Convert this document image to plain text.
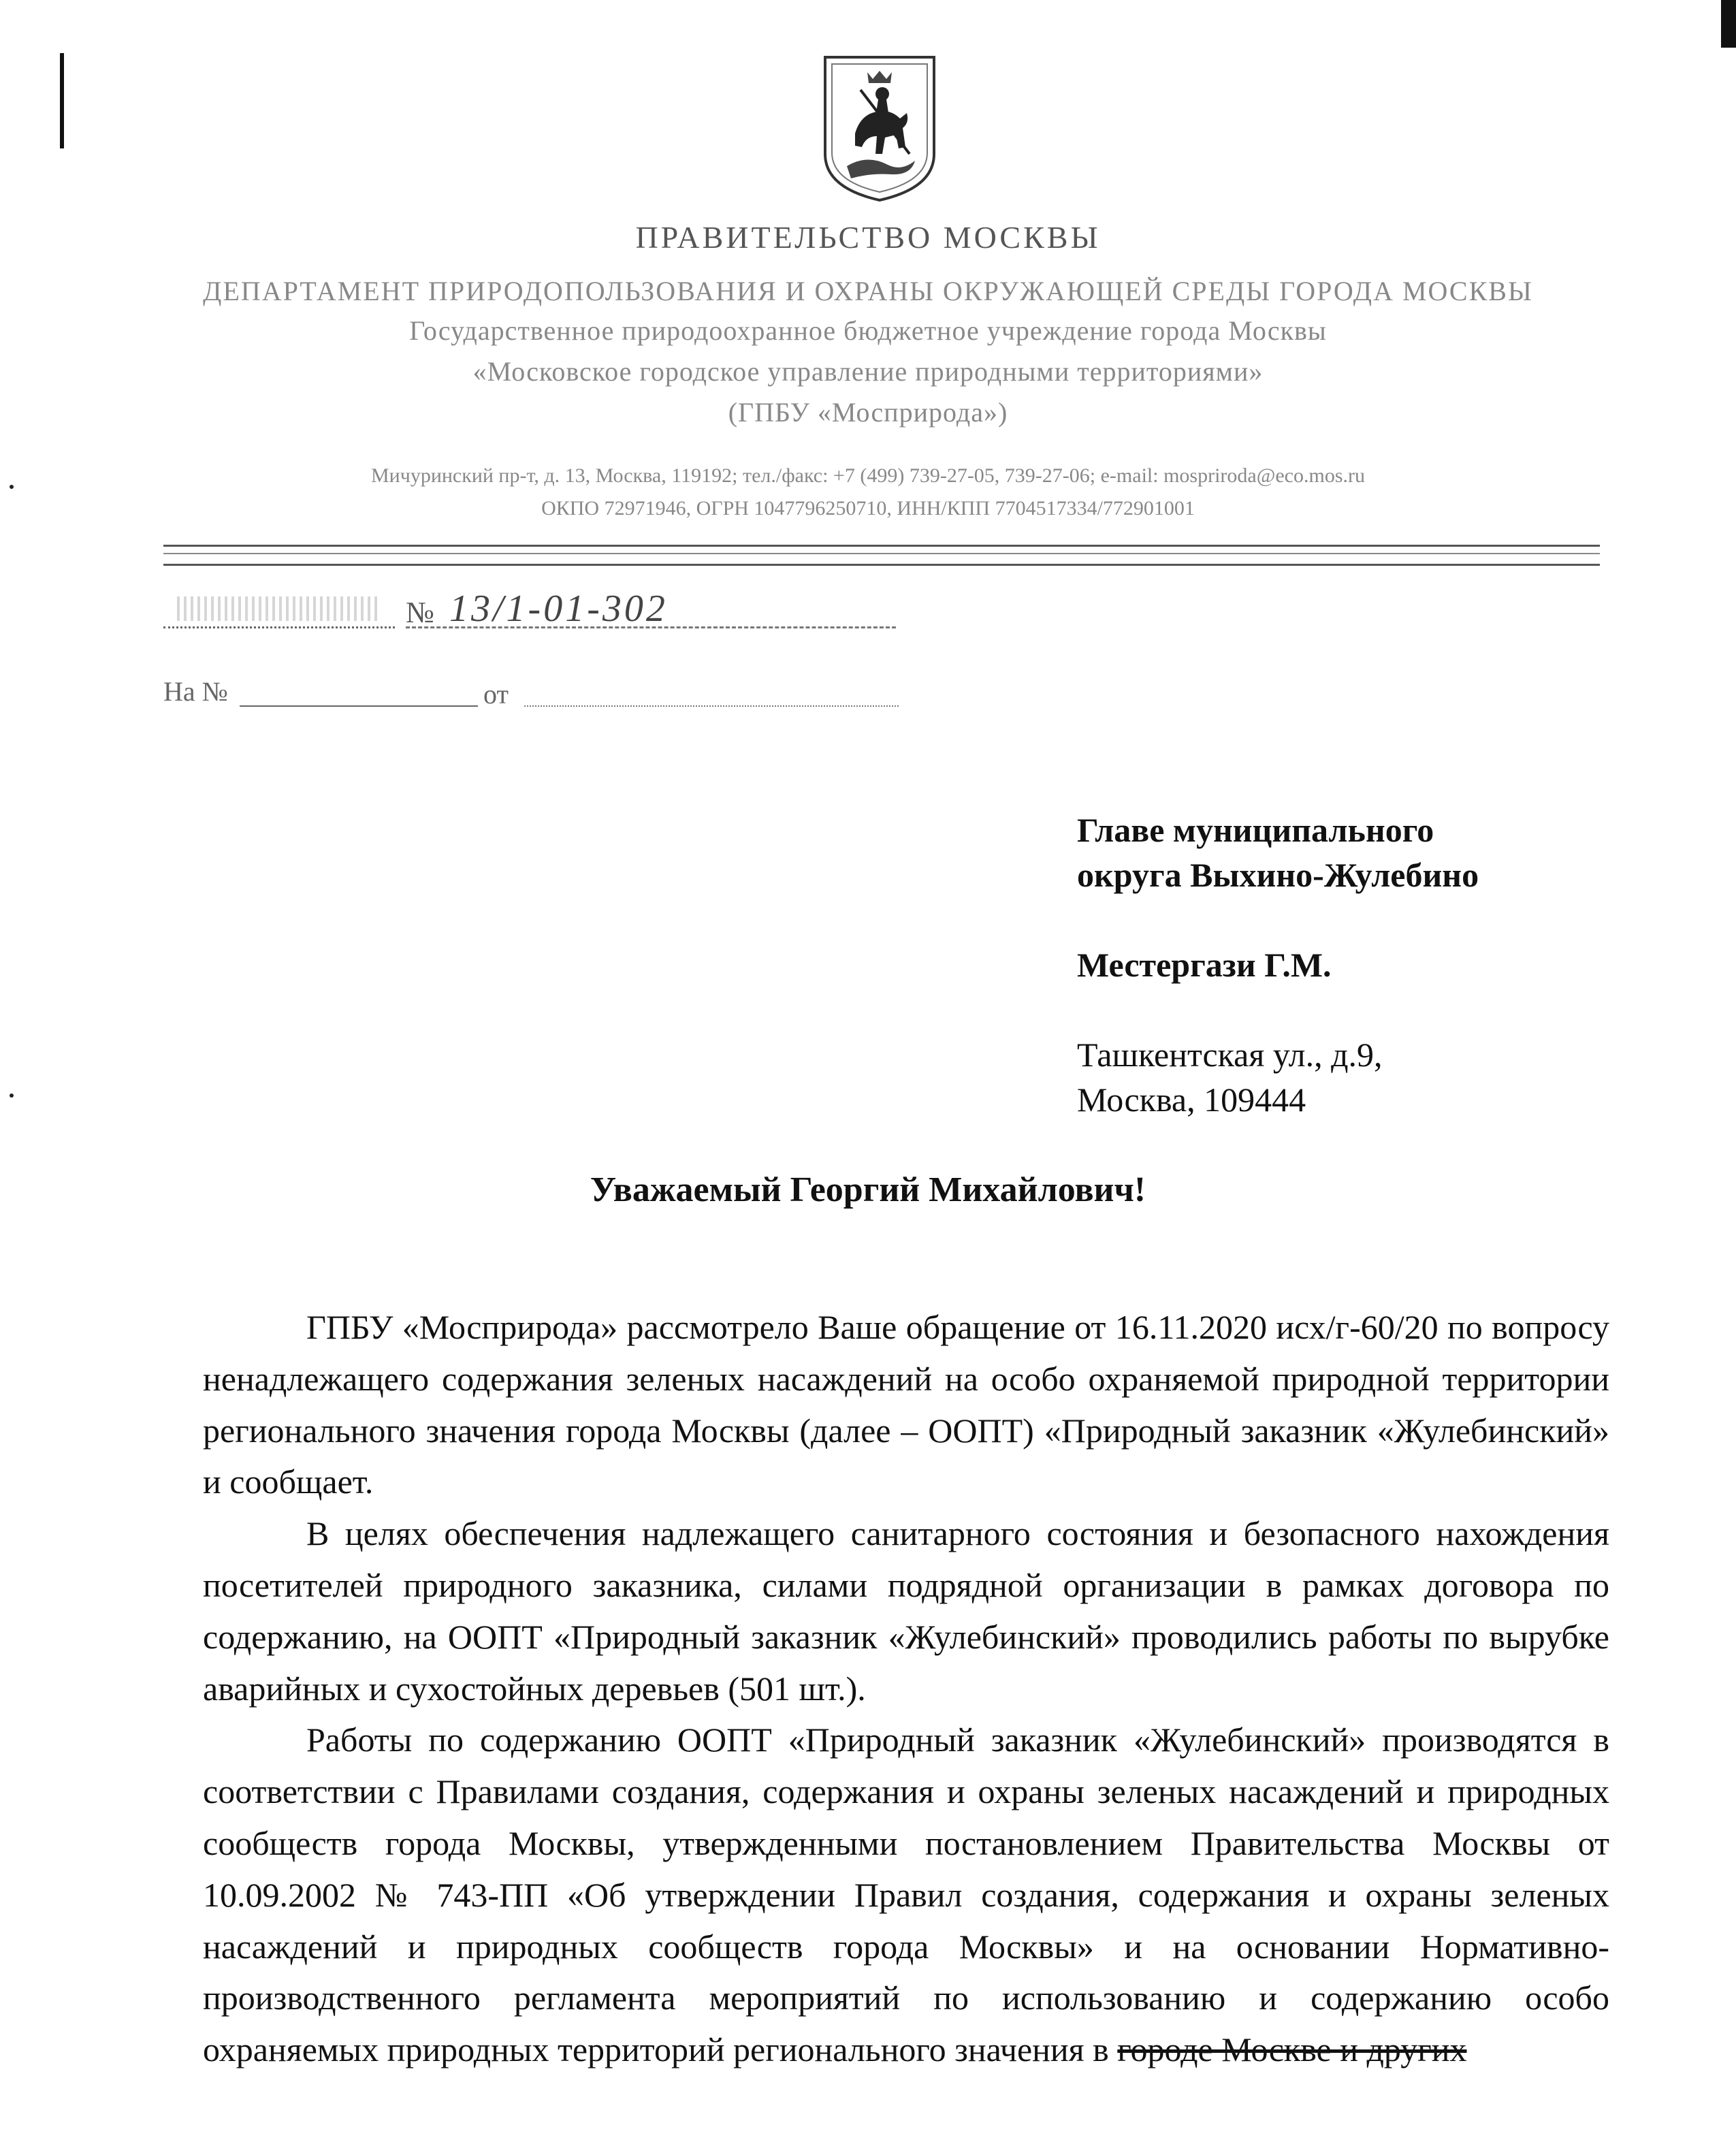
ПРАВИТЕЛЬСТВО МОСКВЫ
ДЕПАРТАМЕНТ ПРИРОДОПОЛЬЗОВАНИЯ И ОХРАНЫ ОКРУЖАЮЩЕЙ СРЕДЫ ГОРОДА МОСКВЫ
Государственное природоохранное бюджетное учреждение города Москвы
«Московское городское управление природными территориями»
(ГПБУ «Мосприрода»)
Мичуринский пр-т, д. 13, Москва, 119192; тел./факс: +7 (499) 739-27-05, 739-27-06; e-mail: mospriroda@eco.mos.ru
ОКПО 72971946, ОГРН 1047796250710, ИНН/КПП 7704517334/772901001
№ 13/1-01-302
На №	от
Главе муниципального
округа Выхино-Жулебино
Местергази Г.М.
Ташкентская ул., д.9,
Москва, 109444
Уважаемый Георгий Михайлович!

ГПБУ «Мосприрода» рассмотрело Ваше обращение от 16.11.2020 исх/г-60/20 по вопросу ненадлежащего содержания зеленых насаждений на особо охраняемой природной территории регионального значения города Москвы (далее – ООПТ) «Природный заказник «Жулебинский» и сообщает.

В целях обеспечения надлежащего санитарного состояния и безопасного нахождения посетителей природного заказника, силами подрядной организации в рамках договора по содержанию, на ООПТ «Природный заказник «Жулебинский» проводились работы по вырубке аварийных и сухостойных деревьев (501 шт.).

Работы по содержанию ООПТ «Природный заказник «Жулебинский» производятся в соответствии с Правилами создания, содержания и охраны зеленых насаждений и природных сообществ города Москвы, утвержденными постановлением Правительства Москвы от 10.09.2002 № 743-ПП «Об утверждении Правил создания, содержания и охраны зеленых насаждений и природных сообществ города Москвы» и на основании Нормативно-производственного регламента мероприятий по использованию и содержанию особо охраняемых природных территорий регионального значения в городе Москве и других
